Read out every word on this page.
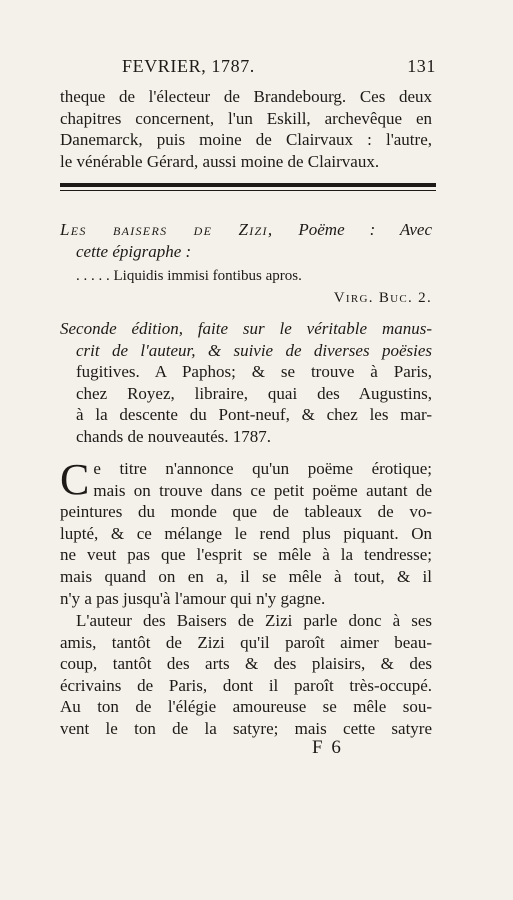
FEVRIER, 1787.	131
theque de l'électeur de Brandebourg. Ces deux
chapitres concernent, l'un Eskill, archevêque en
Danemarck, puis moine de Clairvaux : l'autre,
le vénérable Gérard, aussi moine de Clairvaux.
Les baisers de Zizi, Poëme : Avec
cette épigraphe :
. . . . . Liquidis immisi fontibus apros.
Virg. Buc. 2.
Seconde édition, faite sur le véritable manus-
crit de l'auteur, & suivie de diverses poësies
fugitives. A Paphos; & se trouve à Paris,
chez Royez, libraire, quai des Augustins,
à la descente du Pont-neuf, & chez les mar-
chands de nouveautés. 1787.
C e titre n'annonce qu'un poëme érotique;
mais on trouve dans ce petit poëme autant de
peintures du monde que de tableaux de vo-
lupté, & ce mélange le rend plus piquant. On
ne veut pas que l'esprit se mêle à la tendresse;
mais quand on en a, il se mêle à tout, & il
n'y a pas jusqu'à l'amour qui n'y gagne.
L'auteur des Baisers de Zizi parle donc à ses
amis, tantôt de Zizi qu'il paroît aimer beau-
coup, tantôt des arts & des plaisirs, & des
écrivains de Paris, dont il paroît très-occupé.
Au ton de l'élégie amoureuse se mêle sou-
vent le ton de la satyre; mais cette satyre
F 6
